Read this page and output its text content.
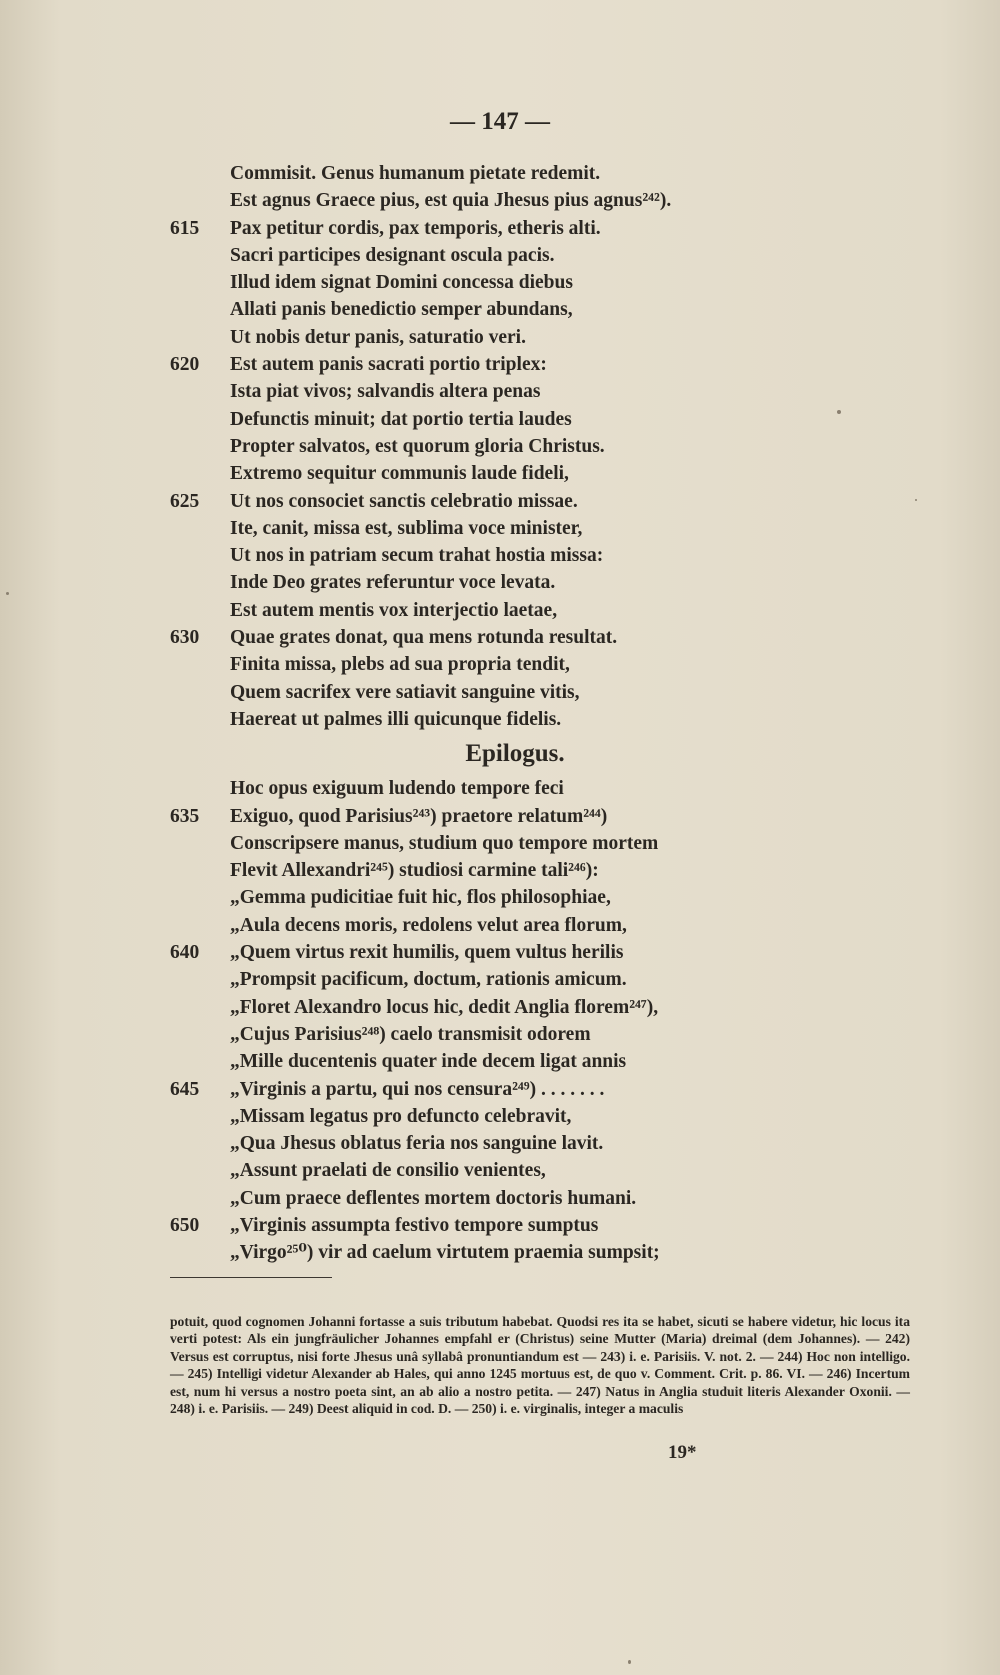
— 147 —
Commisit. Genus humanum pietate redemit.
Est agnus Graece pius, est quia Jhesus pius agnus²⁴²).
615	Pax petitur cordis, pax temporis, etheris alti.
Sacri participes designant oscula pacis.
Illud idem signat Domini concessa diebus
Allati panis benedictio semper abundans,
Ut nobis detur panis, saturatio veri.
620	Est autem panis sacrati portio triplex:
Ista piat vivos; salvandis altera penas
Defunctis minuit; dat portio tertia laudes
Propter salvatos, est quorum gloria Christus.
Extremo sequitur communis laude fideli,
625	Ut nos consociet sanctis celebratio missae.
Ite, canit, missa est, sublima voce minister,
Ut nos in patriam secum trahat hostia missa:
Inde Deo grates referuntur voce levata.
Est autem mentis vox interjectio laetae,
630	Quae grates donat, qua mens rotunda resultat.
Finita missa, plebs ad sua propria tendit,
Quem sacrifex vere satiavit sanguine vitis,
Haereat ut palmes illi quicunque fidelis.
Epilogus.
Hoc opus exiguum ludendo tempore feci
635	Exiguo, quod Parisius²⁴³) praetore relatum²⁴⁴)
Conscripsere manus, studium quo tempore mortem
Flevit Allexandri²⁴⁵) studiosi carmine tali²⁴⁶):
„Gemma pudicitiae fuit hic, flos philosophiae,
„Aula decens moris, redolens velut area florum,
640	„Quem virtus rexit humilis, quem vultus herilis
„Prompsit pacificum, doctum, rationis amicum.
„Floret Alexandro locus hic, dedit Anglia florem²⁴⁷),
„Cujus Parisius²⁴⁸) caelo transmisit odorem
„Mille ducentenis quater inde decem ligat annis
645	„Virginis a partu, qui nos censura²⁴⁹) . . . . . . .
„Missam legatus pro defuncto celebravit,
„Qua Jhesus oblatus feria nos sanguine lavit.
„Assunt praelati de consilio venientes,
„Cum praece deflentes mortem doctoris humani.
650	„Virginis assumpta festivo tempore sumptus
„Virgo²⁵⁰) vir ad caelum virtutem praemia sumpsit;

potuit, quod cognomen Johanni fortasse a suis tributum habebat. Quodsi res ita se habet, sicuti se habere videtur, hic locus ita verti potest: Als ein jungfräulicher Johannes empfahl er (Christus) seine Mutter (Maria) dreimal (dem Johannes). — 242) Versus est corruptus, nisi forte Jhesus unâ syllabâ pronuntiandum est — 243) i. e. Parisiis. V. not. 2. — 244) Hoc non intelligo. — 245) Intelligi videtur Alexander ab Hales, qui anno 1245 mortuus est, de quo v. Comment. Crit. p. 86. VI. — 246) Incertum est, num hi versus a nostro poeta sint, an ab alio a nostro petita. — 247) Natus in Anglia studuit literis Alexander Oxonii. — 248) i. e. Parisiis. — 249) Deest aliquid in cod. D. — 250) i. e. virginalis, integer a maculis

19*
